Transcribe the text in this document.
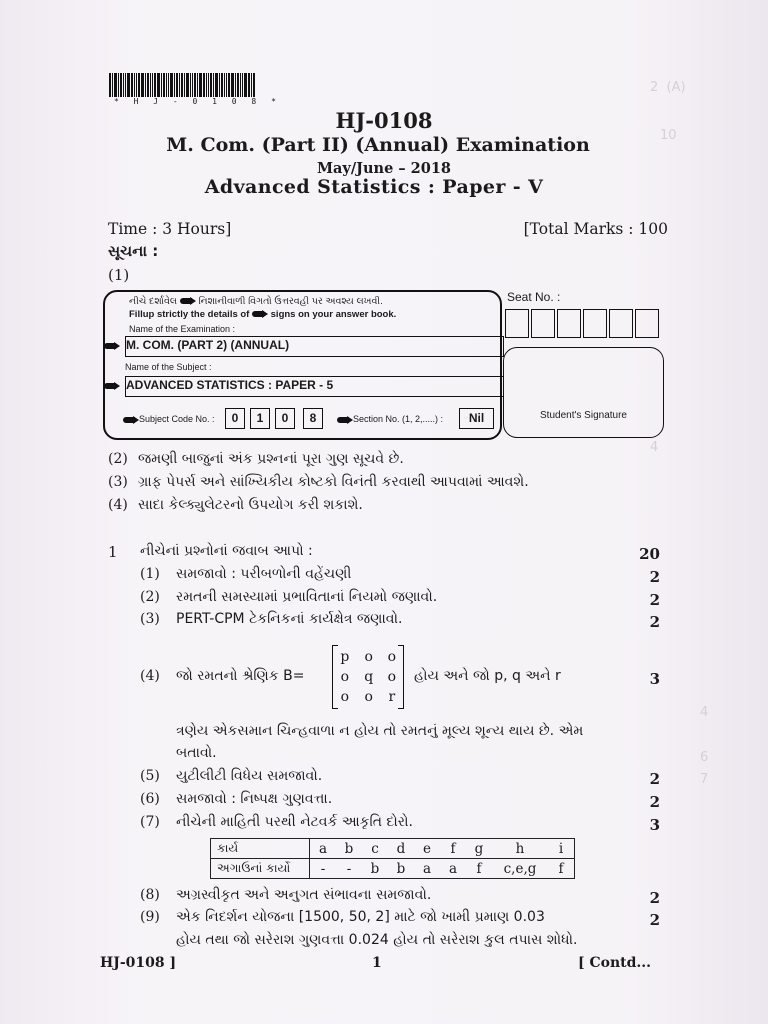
2  (A)
10
4
4
6
7
* H J - 0 1 0 8 *
HJ-0108
M. Com. (Part II) (Annual) Examination
May/June – 2018
Advanced Statistics : Paper - V
Time : 3 Hours]	[Total Marks : 100
સૂચના :
(1)
નીચે દર્શાવેલ નિશાનીવાળી વિગતો ઉત્તરવહી પર અવશ્ય લખવી.
Fillup strictly the details of signs on your answer book.
Name of the Examination :
M. COM. (PART 2) (ANNUAL)
Name of the Subject :
ADVANCED STATISTICS : PAPER - 5
Subject Code No. :	0	1	0	8	Section No. (1, 2,.....) :	Nil
Seat No. :
Student's Signature
(2) જમણી બાજુનાં અંક પ્રશ્નનાં પૂરા ગુણ સૂચવે છે.
(3) ગ્રાફ પેપર્સ અને સાંખ્યિકીય કોષ્ટકો વિનંતી કરવાથી આપવામાં આવશે.
(4) સાદા કેલ્ક્યુલેટરનો ઉપયોગ કરી શકાશે.
1 નીચેનાં પ્રશ્નોનાં જવાબ આપો :	20
(1) સમજાવો : પરીબળોની વહેંચણી	2
(2) રમતની સમસ્યામાં પ્રભાવિતાનાં નિયમો જણાવો.	2
(3) PERT-CPM ટેકનિકનાં કાર્યક્ષેત્ર જણાવો.	2
(4) જો રમતનો શ્રેણિક B=
p	o	o
o	q	o
o	o	r
હોય અને જો p, q અને r	3
ત્રણેય એકસમાન ચિન્હવાળા ન હોય તો રમતનું મૂલ્ય શૂન્ય થાય છે. એમ
બતાવો.
(5) યુટીલીટી વિધેય સમજાવો.	2
(6) સમજાવો : નિષ્પક્ષ ગુણવત્તા.	2
(7) નીચેની માહિતી પરથી નેટવર્ક આકૃતિ દોરો.	3
કાર્ય	a	b	c	d	e	f	g	h	i
અગાઉનાં કાર્યો	-	-	b	b	a	a	f	c,e,g	f
(8) અગ્રસ્વીકૃત અને અનુગત સંભાવના સમજાવો.	2
(9) એક નિદર્શન યોજના [1500, 50, 2] માટે જો ખામી પ્રમાણ 0.03	2
હોય તથા જો સરેરાશ ગુણવત્તા 0.024 હોય તો સરેરાશ કુલ તપાસ શોધો.
HJ-0108 ]	1	[ Contd...
